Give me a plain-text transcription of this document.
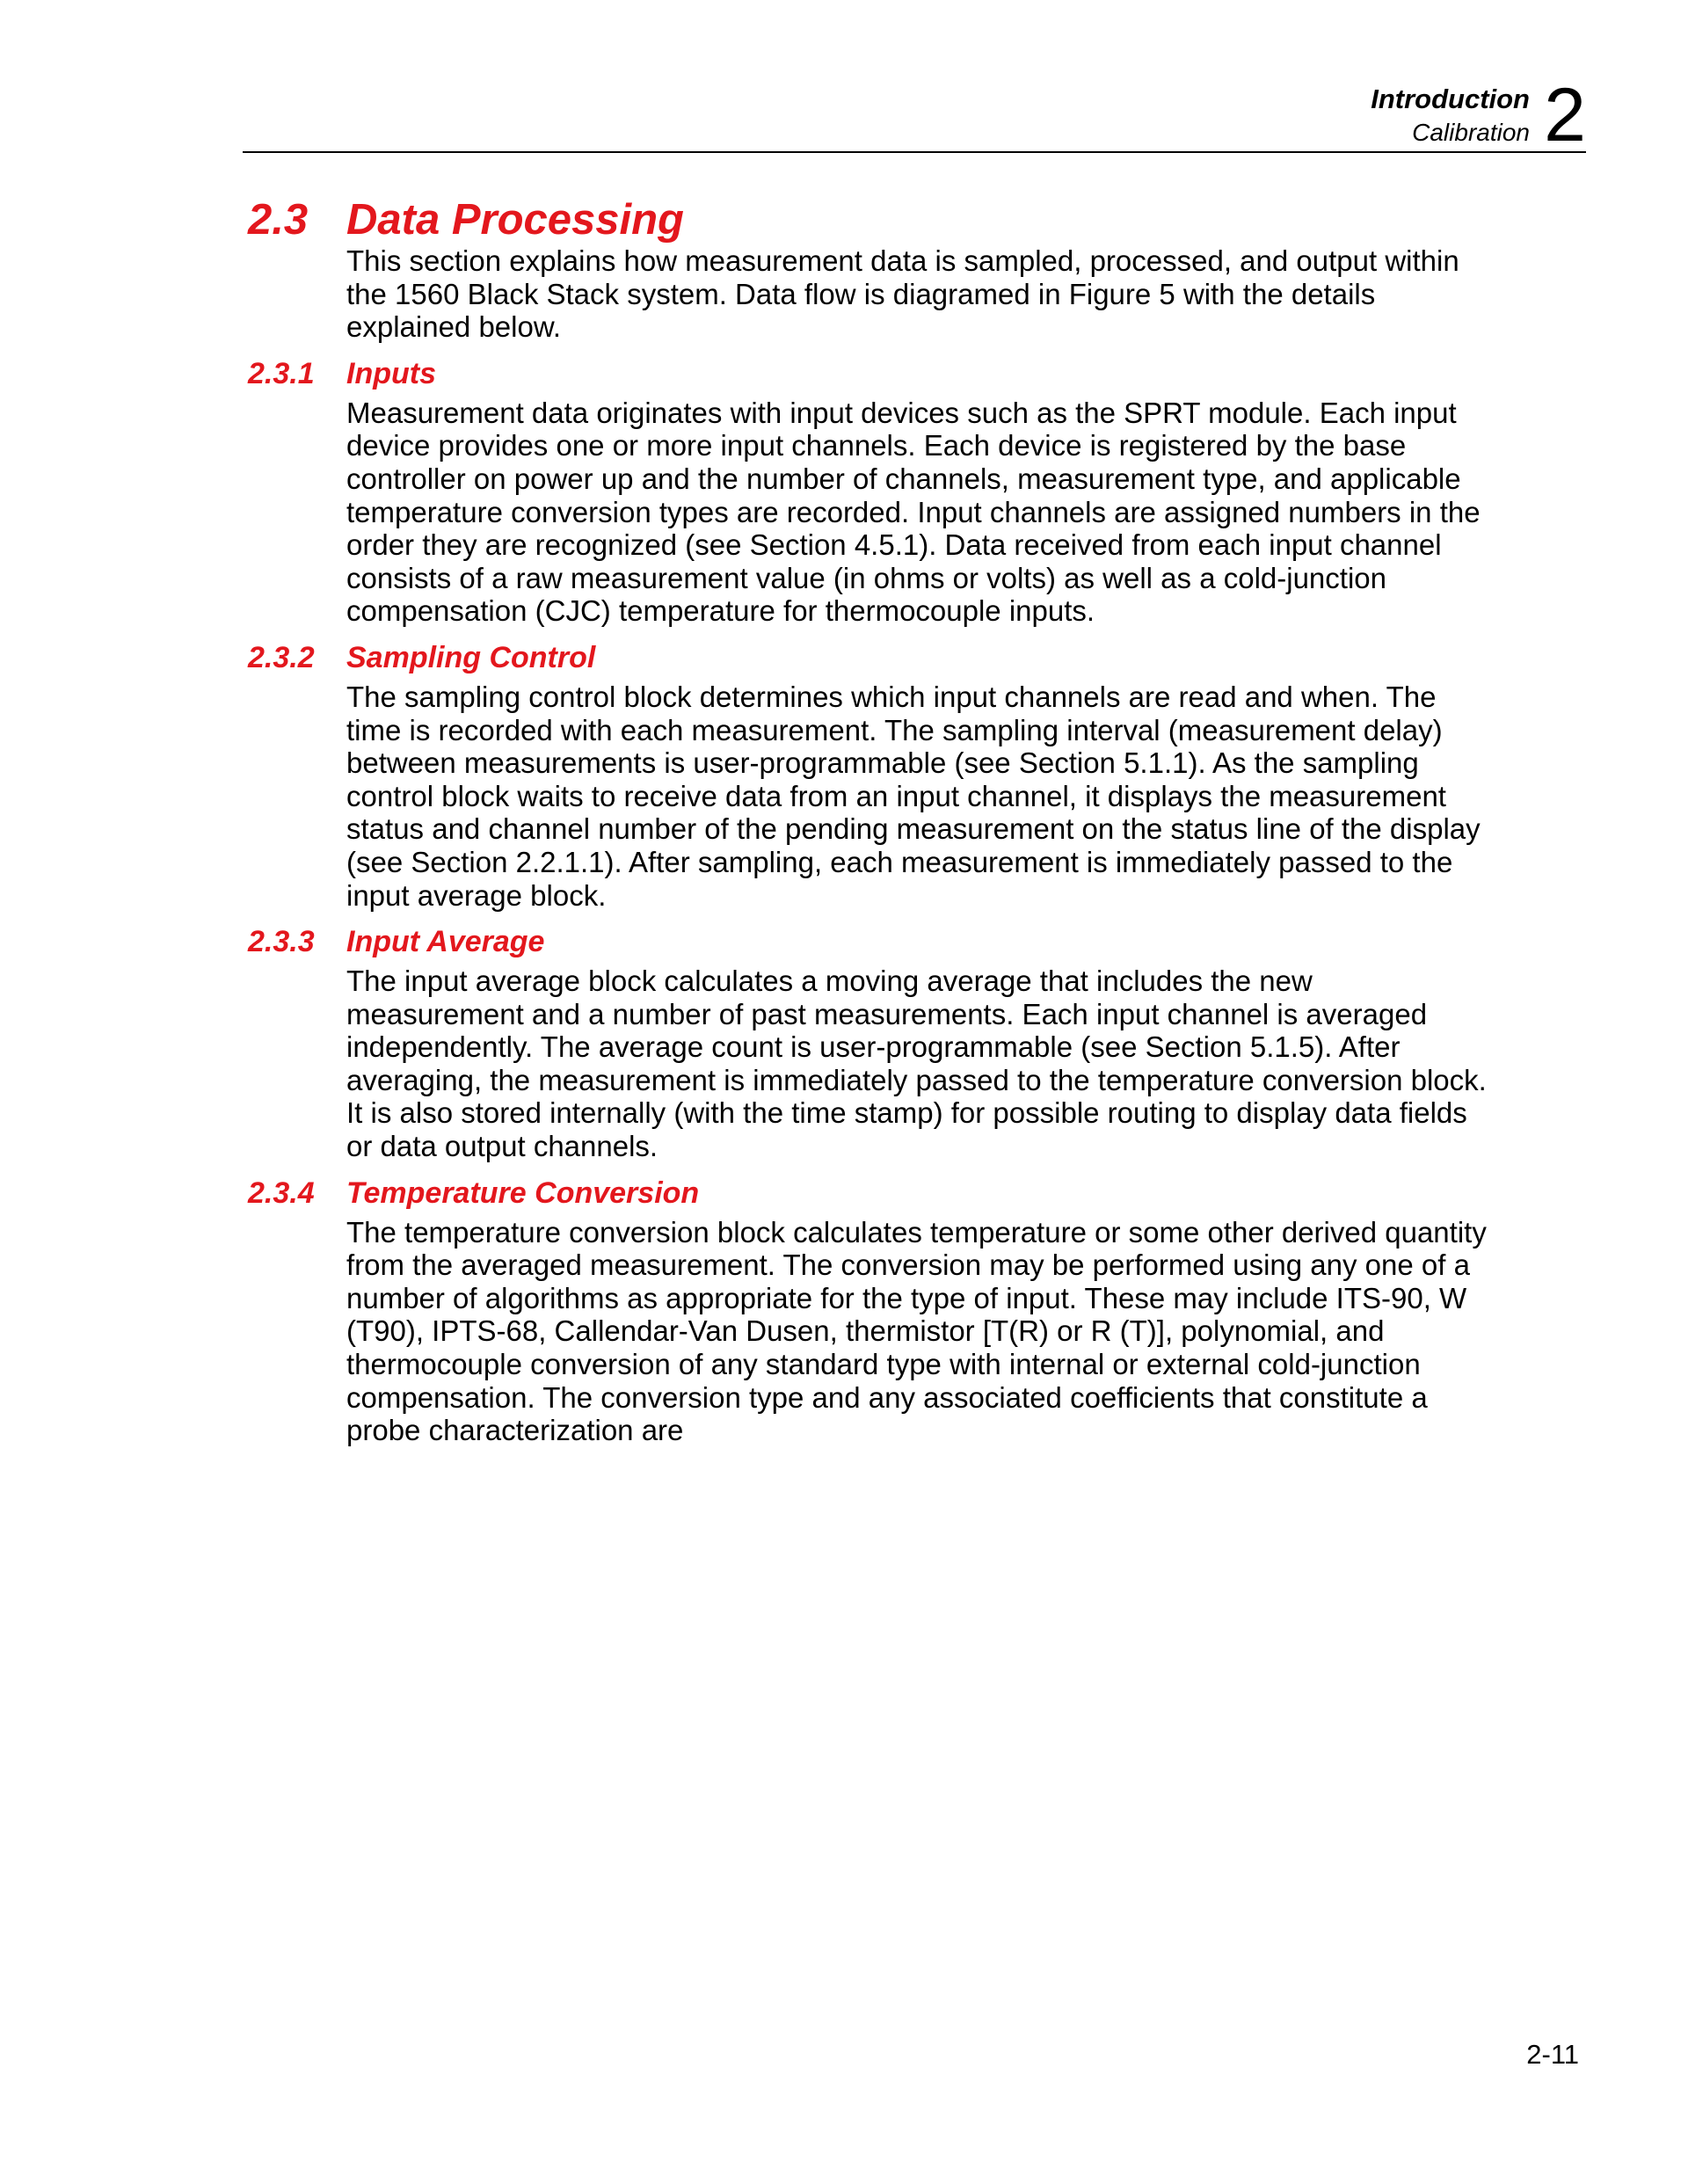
Introduction
Calibration 2
2.3 Data Processing

This section explains how measurement data is sampled, processed, and output within the 1560 Black Stack system. Data flow is diagramed in Figure 5 with the details explained below.

2.3.1	Inputs

Measurement data originates with input devices such as the SPRT module. Each input device provides one or more input channels. Each device is registered by the base controller on power up and the number of channels, measurement type, and applicable temperature conversion types are recorded. Input channels are assigned numbers in the order they are recognized (see Section 4.5.1). Data received from each input channel consists of a raw measurement value (in ohms or volts) as well as a cold-junction compensation (CJC) temperature for thermocouple inputs.

2.3.2	Sampling Control

The sampling control block determines which input channels are read and when. The time is recorded with each measurement. The sampling interval (measurement delay) between measurements is user-programmable (see Section 5.1.1). As the sampling control block waits to receive data from an input channel, it displays the measurement status and channel number of the pending measurement on the status line of the display (see Section 2.2.1.1). After sampling, each measurement is immediately passed to the input average block.

2.3.3	Input Average

The input average block calculates a moving average that includes the new measurement and a number of past measurements. Each input channel is averaged independently. The average count is user-programmable (see Section 5.1.5). After averaging, the measurement is immediately passed to the temperature conversion block. It is also stored internally (with the time stamp) for possible routing to display data fields or data output channels.

2.3.4	Temperature Conversion

The temperature conversion block calculates temperature or some other derived quantity from the averaged measurement. The conversion may be performed using any one of a number of algorithms as appropriate for the type of input. These may include ITS-90, W (T90), IPTS-68, Callendar-Van Dusen, thermistor [T(R) or R (T)], polynomial, and thermocouple conversion of any standard type with internal or external cold-junction compensation. The conversion type and any associated coefficients that constitute a probe characterization are

2-11
